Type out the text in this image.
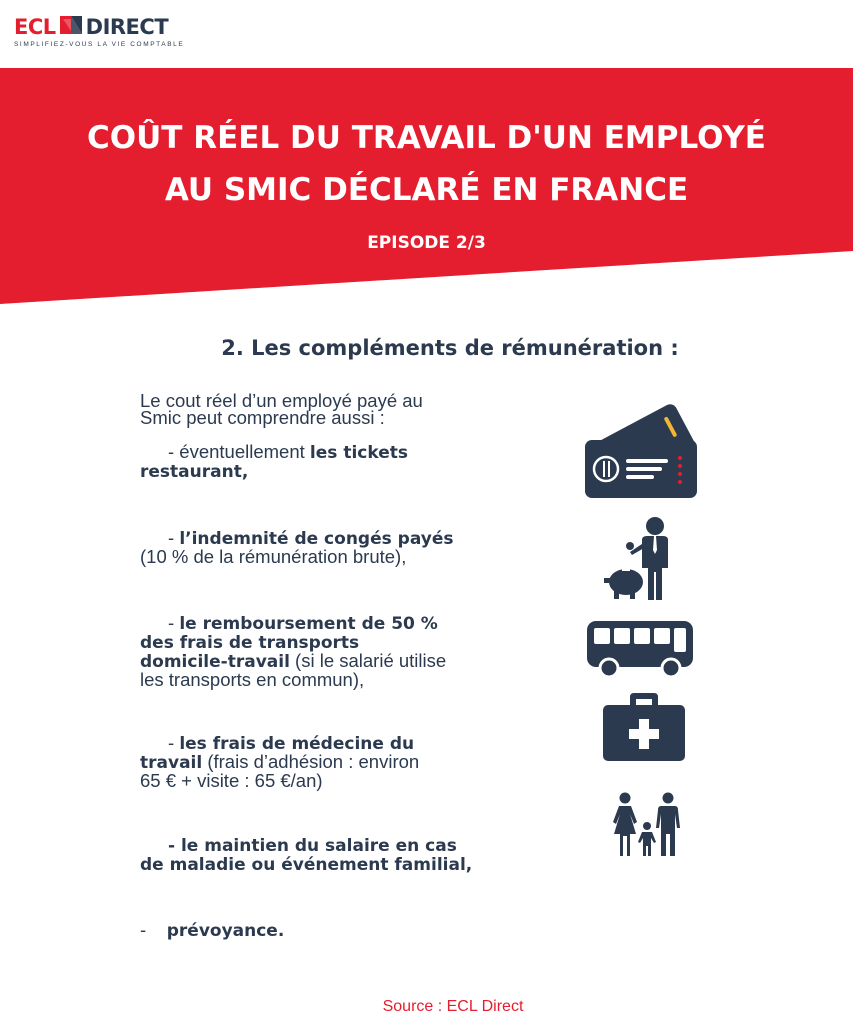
ECL DIRECT
SIMPLIFIEZ-VOUS LA VIE COMPTABLE
COÛT RÉEL DU TRAVAIL D'UN EMPLOYÉ
AU SMIC DÉCLARÉ EN FRANCE
EPISODE 2/3
2. Les compléments de rémunération :
Le cout réel d’un employé payé au
Smic peut comprendre aussi :
- éventuellement les tickets
restaurant,
- l’indemnité de congés payés
(10 % de la rémunération brute),
- le remboursement de 50 %
des frais de transports
domicile-travail (si le salarié utilise
les transports en commun),
- les frais de médecine du
travail (frais d’adhésion : environ
65 € + visite : 65 €/an)
- le maintien du salaire en cas
de maladie ou événement familial,
-    prévoyance.
Source : ECL Direct
